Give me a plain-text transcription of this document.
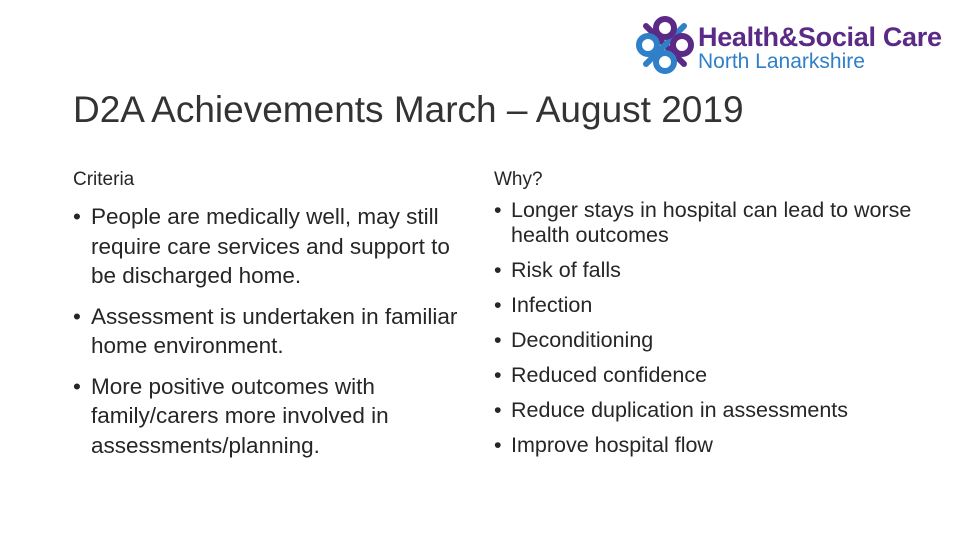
Health&Social Care
North Lanarkshire
D2A Achievements March – August 2019
Criteria	Why?
• People are medically well, may still require care services and support to be discharged home.
• Assessment is undertaken in familiar home environment.
• More positive outcomes with family/carers more involved in assessments/planning.
• Longer stays in hospital can lead to worse health outcomes
• Risk of falls
• Infection
• Deconditioning
• Reduced confidence
• Reduce duplication in assessments
• Improve hospital flow
